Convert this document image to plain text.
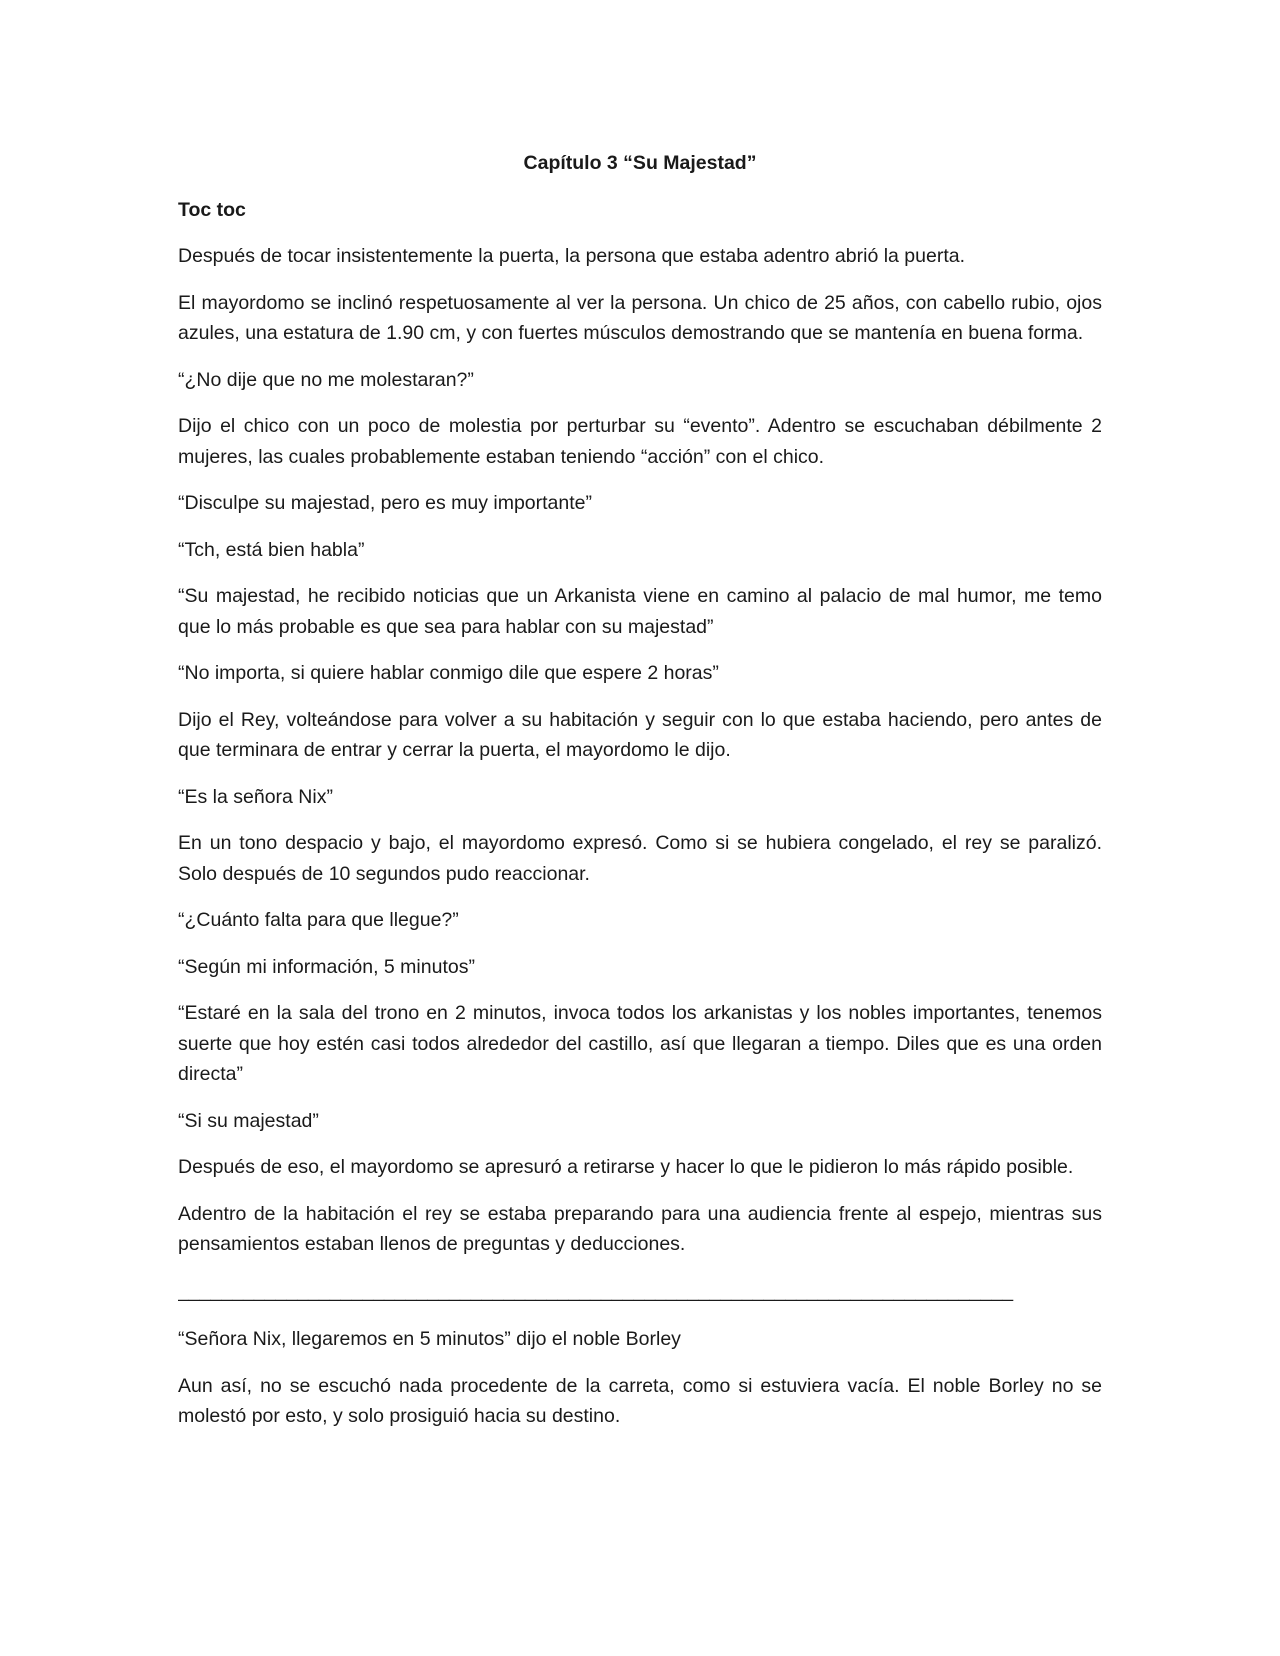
Capítulo 3 “Su Majestad”

Toc toc

Después de tocar insistentemente la puerta, la persona que estaba adentro abrió la puerta.

El mayordomo se inclinó respetuosamente al ver la persona. Un chico de 25 años, con cabello rubio, ojos azules, una estatura de 1.90 cm, y con fuertes músculos demostrando que se mantenía en buena forma.

“¿No dije que no me molestaran?”

Dijo el chico con un poco de molestia por perturbar su “evento”. Adentro se escuchaban débilmente 2 mujeres, las cuales probablemente estaban teniendo “acción” con el chico.

“Disculpe su majestad, pero es muy importante”

“Tch, está bien habla”

“Su majestad, he recibido noticias que un Arkanista viene en camino al palacio de mal humor, me temo que lo más probable es que sea para hablar con su majestad”

“No importa, si quiere hablar conmigo dile que espere 2 horas”

Dijo el Rey, volteándose para volver a su habitación y seguir con lo que estaba haciendo, pero antes de que terminara de entrar y cerrar la puerta, el mayordomo le dijo.

“Es la señora Nix”

En un tono despacio y bajo, el mayordomo expresó. Como si se hubiera congelado, el rey se paralizó. Solo después de 10 segundos pudo reaccionar.

“¿Cuánto falta para que llegue?”

“Según mi información, 5 minutos”

“Estaré en la sala del trono en 2 minutos, invoca todos los arkanistas y los nobles importantes, tenemos suerte que hoy estén casi todos alrededor del castillo, así que llegaran a tiempo. Diles que es una orden directa”

“Si su majestad”

Después de eso, el mayordomo se apresuró a retirarse y hacer lo que le pidieron lo más rápido posible.

Adentro de la habitación el rey se estaba preparando para una audiencia frente al espejo, mientras sus pensamientos estaban llenos de preguntas y deducciones.

_____________________________________________________________________________

“Señora Nix, llegaremos en 5 minutos” dijo el noble Borley

Aun así, no se escuchó nada procedente de la carreta, como si estuviera vacía. El noble Borley no se molestó por esto, y solo prosiguió hacia su destino.
